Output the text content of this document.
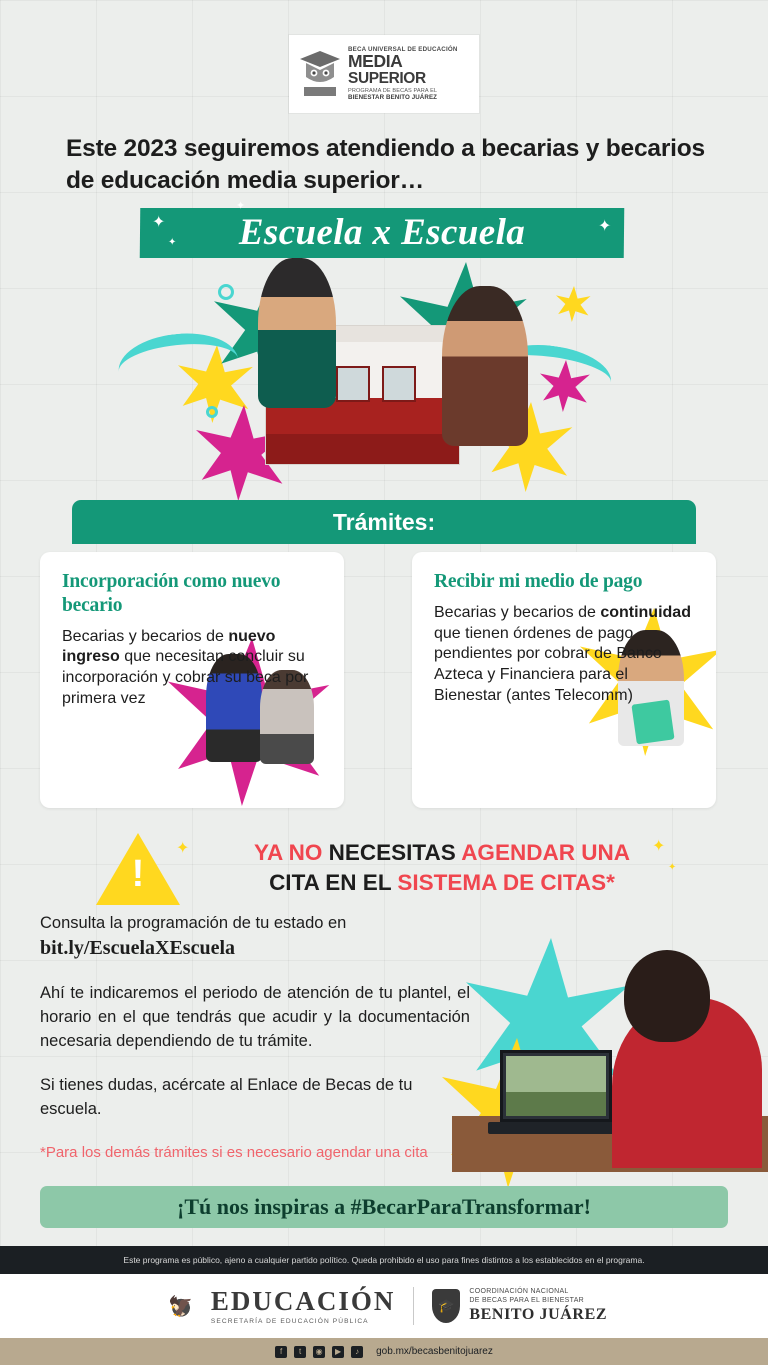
BECA UNIVERSAL DE EDUCACIÓN
MEDIA
SUPERIOR
PROGRAMA DE BECAS PARA EL
BIENESTAR BENITO JUÁREZ
Este 2023 seguiremos atendiendo a becarias y becarios de educación media superior…
Escuela x Escuela
✦
✦
✦
✦
Trámites:
Incorporación como nuevo becario

Becarias y becarios de nuevo ingreso que necesitan concluir su incorporación y cobrar su beca por primera vez

Recibir mi medio de pago

Becarias y becarios de continuidad que tienen órdenes de pago pendientes por cobrar de Banco Azteca y Financiera para el Bienestar (antes Telecomm)

!
YA NO NECESITAS AGENDAR UNA
CITA EN EL SISTEMA DE CITAS*
✦	✦
✦
Consulta la programación de tu estado en
bit.ly/EscuelaXEscuela
Ahí te indicaremos el periodo de atención de tu plantel, el horario en el que tendrás que acudir y la documentación necesaria dependiendo de tu trámite.
Si tienes dudas, acércate al Enlace de Becas de tu escuela.
*Para los demás trámites si es necesario agendar una cita
¡Tú nos inspiras a #BecarParaTransformar!
Este programa es público, ajeno a cualquier partido político. Queda prohibido el uso para fines distintos a los establecidos en el programa.
🦅 EDUCACIÓN
SECRETARÍA DE EDUCACIÓN PÚBLICA
🎓
COORDINACIÓN NACIONAL
DE BECAS PARA EL BIENESTAR
BENITO JUÁREZ
f	t	◉	▶	♪	gob.mx/becasbenitojuarez
